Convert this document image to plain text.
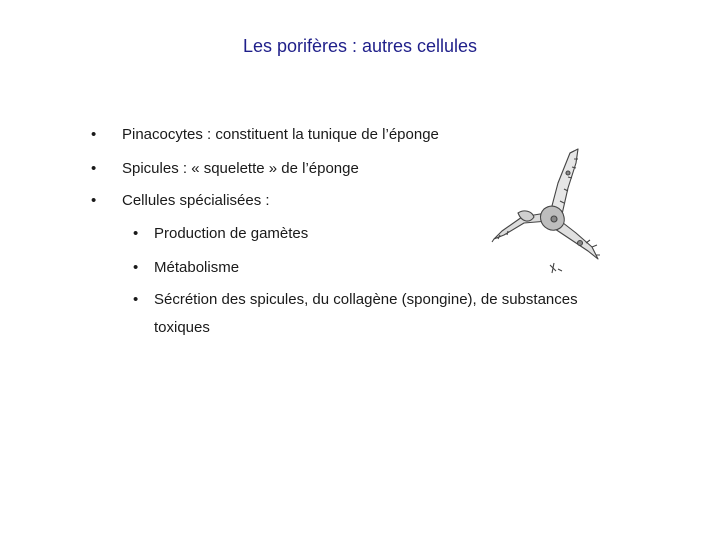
Les porifères : autres cellules
• Pinacocytes : constituent la tunique de l’éponge
• Spicules : « squelette » de l’éponge
• Cellules spécialisées :
• Production de gamètes
• Métabolisme
• Sécrétion des spicules, du collagène (spongine), de substances
toxiques
